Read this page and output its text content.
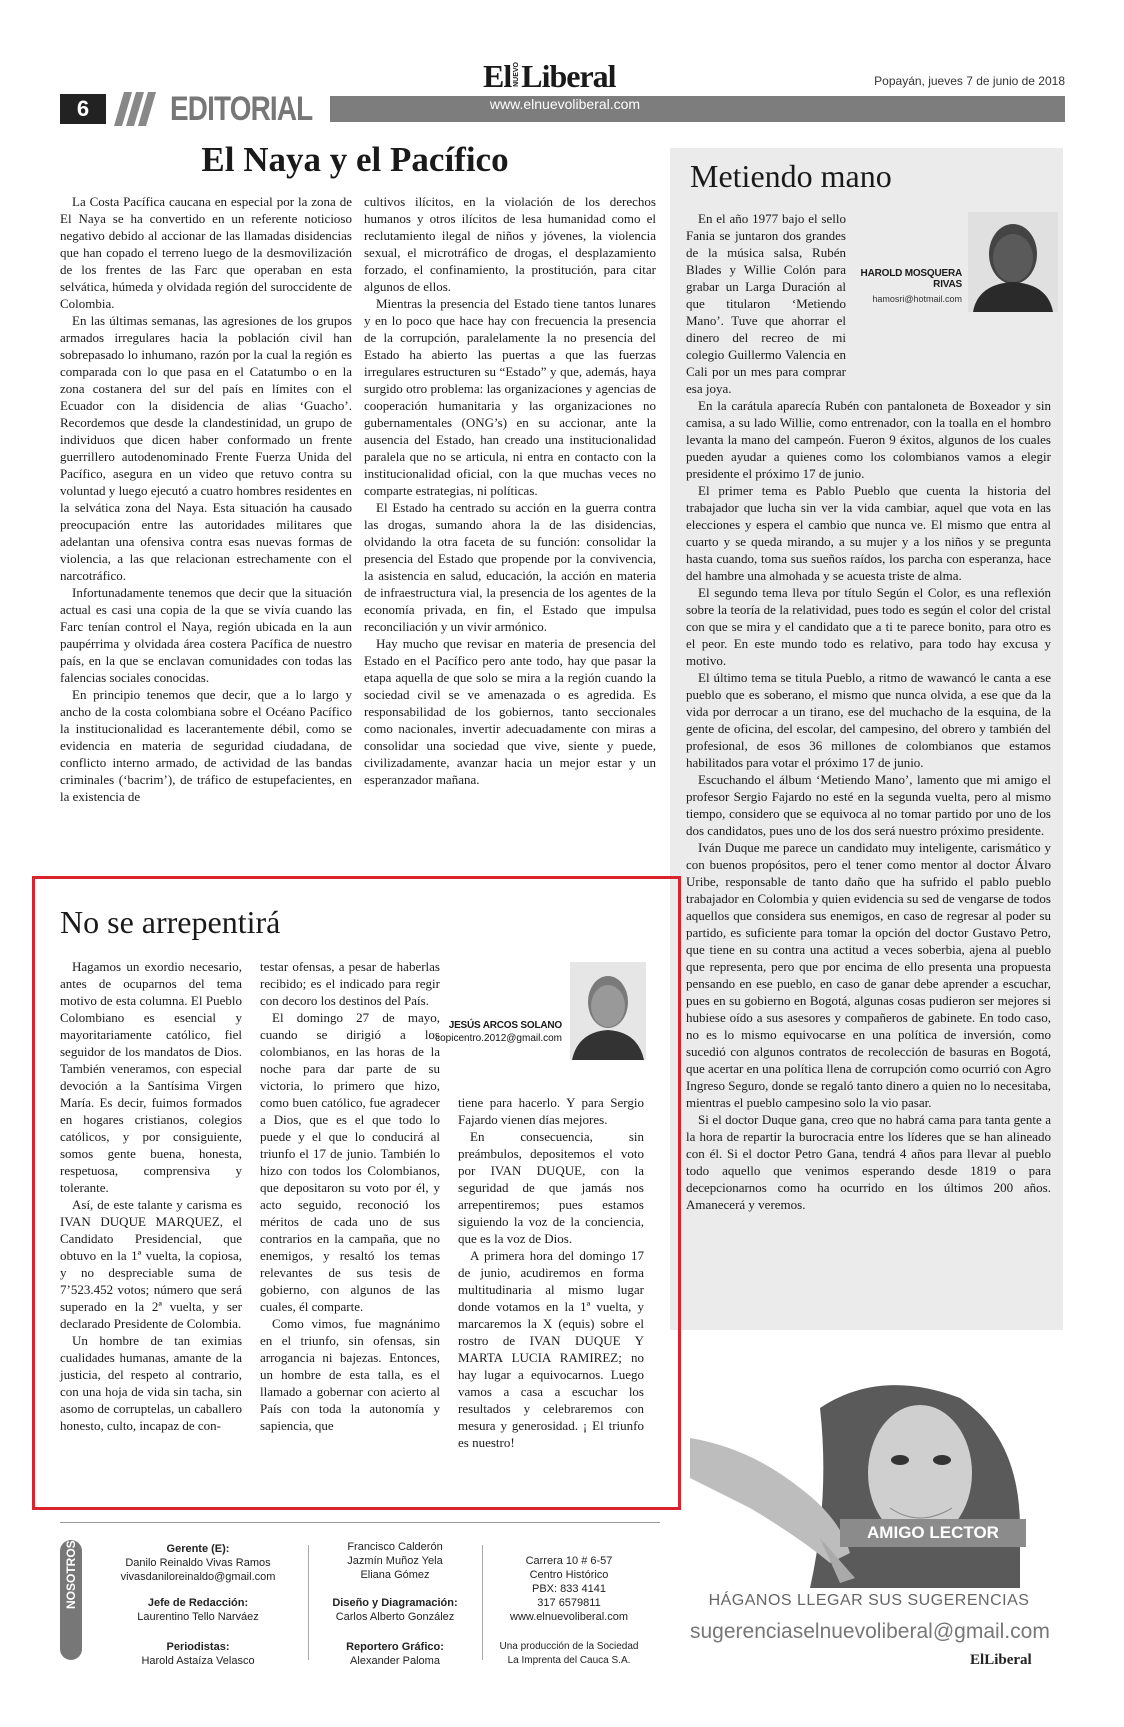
6	EDITORIAL	www.elnuevoliberal.com
El NUEVOLiberal	Popayán, jueves 7 de junio de 2018
El Naya y el Pacífico

La Costa Pacífica caucana en especial por la zona de El Naya se ha convertido en un referente noticioso negativo debido al accionar de las llamadas disidencias que han copado el terreno luego de la desmovilización de los frentes de las Farc que operaban en esta selvática, húmeda y olvidada región del suroccidente de Colombia.

En las últimas semanas, las agresiones de los grupos armados irregulares hacia la población civil han sobrepasado lo inhumano, razón por la cual la región es comparada con lo que pasa en el Catatumbo o en la zona costanera del sur del país en límites con el Ecuador con la disidencia de alias ‘Guacho’. Recordemos que desde la clandestinidad, un grupo de individuos que dicen haber conformado un frente guerrillero autodenominado Frente Fuerza Unida del Pacífico, asegura en un video que retuvo contra su voluntad y luego ejecutó a cuatro hombres residentes en la selvática zona del Naya. Esta situación ha causado preocupación entre las autoridades militares que adelantan una ofensiva contra esas nuevas formas de violencia, a las que relacionan estrechamente con el narcotráfico.

Infortunadamente tenemos que decir que la situación actual es casi una copia de la que se vivía cuando las Farc tenían control el Naya, región ubicada en la aun paupérrima y olvidada área costera Pacífica de nuestro país, en la que se enclavan comunidades con todas las falencias sociales conocidas.

En principio tenemos que decir, que a lo largo y ancho de la costa colombiana sobre el Océano Pacífico la institucionalidad es lacerantemente débil, como se evidencia en materia de seguridad ciudadana, de conflicto interno armado, de actividad de las bandas criminales (‘bacrim’), de tráfico de estupefacientes, en la existencia de

cultivos ilícitos, en la violación de los derechos humanos y otros ilícitos de lesa humanidad como el reclutamiento ilegal de niños y jóvenes, la violencia sexual, el microtráfico de drogas, el desplazamiento forzado, el confinamiento, la prostitución, para citar algunos de ellos.

Mientras la presencia del Estado tiene tantos lunares y en lo poco que hace hay con frecuencia la presencia de la corrupción, paralelamente la no presencia del Estado ha abierto las puertas a que las fuerzas irregulares estructuren su “Estado” y que, además, haya surgido otro problema: las organizaciones y agencias de cooperación humanitaria y las organizaciones no gubernamentales (ONG’s) en su accionar, ante la ausencia del Estado, han creado una institucionalidad paralela que no se articula, ni entra en contacto con la institucionalidad oficial, con la que muchas veces no comparte estrategias, ni políticas.

El Estado ha centrado su acción en la guerra contra las drogas, sumando ahora la de las disidencias, olvidando la otra faceta de su función: consolidar la presencia del Estado que propende por la convivencia, la asistencia en salud, educación, la acción en materia de infraestructura vial, la presencia de los agentes de la economía privada, en fin, el Estado que impulsa reconciliación y un vivir armónico.

Hay mucho que revisar en materia de presencia del Estado en el Pacífico pero ante todo, hay que pasar la etapa aquella de que solo se mira a la región cuando la sociedad civil se ve amenazada o es agredida. Es responsabilidad de los gobiernos, tanto seccionales como nacionales, invertir adecuadamente con miras a consolidar una sociedad que vive, siente y puede, civilizadamente, avanzar hacia un mejor estar y un esperanzador mañana.

Metiendo mano
HAROLD MOSQUERA
RIVAS
hamosri@hotmail.com

En el año 1977 bajo el sello Fania se juntaron dos grandes de la música salsa, Rubén Blades y Willie Colón para grabar un Larga Duración al que titularon ‘Metiendo Mano’. Tuve que ahorrar el dinero del recreo de mi colegio Guillermo Valencia en Cali por un mes para comprar esa joya.

En la carátula aparecía Rubén con pantaloneta de Boxeador y sin camisa, a su lado Willie, como entrenador, con la toalla en el hombro levanta la mano del campeón. Fueron 9 éxitos, algunos de los cuales pueden ayudar a quienes como los colombianos vamos a elegir presidente el próximo 17 de junio.

El primer tema es Pablo Pueblo que cuenta la historia del trabajador que lucha sin ver la vida cambiar, aquel que vota en las elecciones y espera el cambio que nunca ve. El mismo que entra al cuarto y se queda mirando, a su mujer y a los niños y se pregunta hasta cuando, toma sus sueños raídos, los parcha con esperanza, hace del hambre una almohada y se acuesta triste de alma.

El segundo tema lleva por título Según el Color, es una reflexión sobre la teoría de la relatividad, pues todo es según el color del cristal con que se mira y el candidato que a ti te parece bonito, para otro es el peor. En este mundo todo es relativo, para todo hay excusa y motivo.

El último tema se titula Pueblo, a ritmo de wawancó le canta a ese pueblo que es soberano, el mismo que nunca olvida, a ese que da la vida por derrocar a un tirano, ese del muchacho de la esquina, de la gente de oficina, del escolar, del campesino, del obrero y también del profesional, de esos 36 millones de colombianos que estamos habilitados para votar el próximo 17 de junio.

Escuchando el álbum ‘Metiendo Mano’, lamento que mi amigo el profesor Sergio Fajardo no esté en la segunda vuelta, pero al mismo tiempo, considero que se equivoca al no tomar partido por uno de los dos candidatos, pues uno de los dos será nuestro próximo presidente.

Iván Duque me parece un candidato muy inteligente, carismático y con buenos propósitos, pero el tener como mentor al doctor Álvaro Uribe, responsable de tanto daño que ha sufrido el pablo pueblo trabajador en Colombia y quien evidencia su sed de vengarse de todos aquellos que considera sus enemigos, en caso de regresar al poder su partido, es suficiente para tomar la opción del doctor Gustavo Petro, que tiene en su contra una actitud a veces soberbia, ajena al pueblo que representa, pero que por encima de ello presenta una propuesta pensando en ese pueblo, en caso de ganar debe aprender a escuchar, pues en su gobierno en Bogotá, algunas cosas pudieron ser mejores si hubiese oído a sus asesores y compañeros de gabinete. En todo caso, no es lo mismo equivocarse en una política de inversión, como sucedió con algunos contratos de recolección de basuras en Bogotá, que acertar en una política llena de corrupción como ocurrió con Agro Ingreso Seguro, donde se regaló tanto dinero a quien no lo necesitaba, mientras el pueblo campesino solo la vio pasar.

Si el doctor Duque gana, creo que no habrá cama para tanta gente a la hora de repartir la burocracia entre los líderes que se han alineado con él. Si el doctor Petro Gana, tendrá 4 años para llevar al pueblo todo aquello que venimos esperando desde 1819 o para decepcionarnos como ha ocurrido en los últimos 200 años. Amanecerá y veremos.

No se arrepentirá
JESÚS ARCOS SOLANO
copicentro.2012@gmail.com

Hagamos un exordio necesario, antes de ocuparnos del tema motivo de esta columna. El Pueblo Colombiano es esencial y mayoritariamente católico, fiel seguidor de los mandatos de Dios. También veneramos, con especial devoción a la Santísima Virgen María. Es decir, fuimos formados en hogares cristianos, colegios católicos, y por consiguiente, somos gente buena, honesta, respetuosa, comprensiva y tolerante.

Así, de este talante y carisma es IVAN DUQUE MARQUEZ, el Candidato Presidencial, que obtuvo en la 1ª vuelta, la copiosa, y no despreciable suma de 7’523.452 votos; número que será superado en la 2ª vuelta, y ser declarado Presidente de Colombia.

Un hombre de tan eximias cualidades humanas, amante de la justicia, del respeto al contrario, con una hoja de vida sin tacha, sin asomo de corruptelas, un caballero honesto, culto, incapaz de con-

testar ofensas, a pesar de haberlas recibido; es el indicado para regir con decoro los destinos del País.

El domingo 27 de mayo, cuando se dirigió a los colombianos, en las horas de la noche para dar parte de su victoria, lo primero que hizo, como buen católico, fue agradecer a Dios, que es el que todo lo puede y el que lo conducirá al triunfo el 17 de junio. También lo hizo con todos los Colombianos, que depositaron su voto por él, y acto seguido, reconoció los méritos de cada uno de sus contrarios en la campaña, que no enemigos, y resaltó los temas relevantes de sus tesis de gobierno, con algunos de las cuales, él comparte.

Como vimos, fue magnánimo en el triunfo, sin ofensas, sin arrogancia ni bajezas. Entonces, un hombre de esta talla, es el llamado a gobernar con acierto al País con toda la autonomía y sapiencia, que

tiene para hacerlo. Y para Sergio Fajardo vienen días mejores.

En consecuencia, sin preámbulos, depositemos el voto por IVAN DUQUE, con la seguridad de que jamás nos arrepentiremos; pues estamos siguiendo la voz de la conciencia, que es la voz de Dios.

A primera hora del domingo 17 de junio, acudiremos en forma multitudinaria al mismo lugar donde votamos en la 1ª vuelta, y marcaremos la X (equis) sobre el rostro de IVAN DUQUE Y MARTA LUCIA RAMIREZ; no hay lugar a equivocarnos. Luego vamos a casa a escuchar los resultados y celebraremos con mesura y generosidad. ¡ El triunfo es nuestro!

NOSOTROS	Gerente (E):
Danilo Reinaldo Vivas Ramos
vivasdaniloreinaldo@gmail.com
Jefe de Redacción:
Laurentino Tello Narváez
Periodistas:
Harold Astaíza Velasco
Francisco Calderón
Jazmín Muñoz Yela
Eliana Gómez
Diseño y Diagramación:
Carlos Alberto González
Reportero Gráfico:
Alexander Paloma
Carrera 10 # 6-57
Centro Histórico
PBX: 833 4141
317 6579811
www.elnuevoliberal.com
Una producción de la Sociedad
La Imprenta del Cauca S.A.
AMIGO LECTOR
HÁGANOS LLEGAR SUS SUGERENCIAS
sugerenciaselnuevoliberal@gmail.com
ElLiberal
